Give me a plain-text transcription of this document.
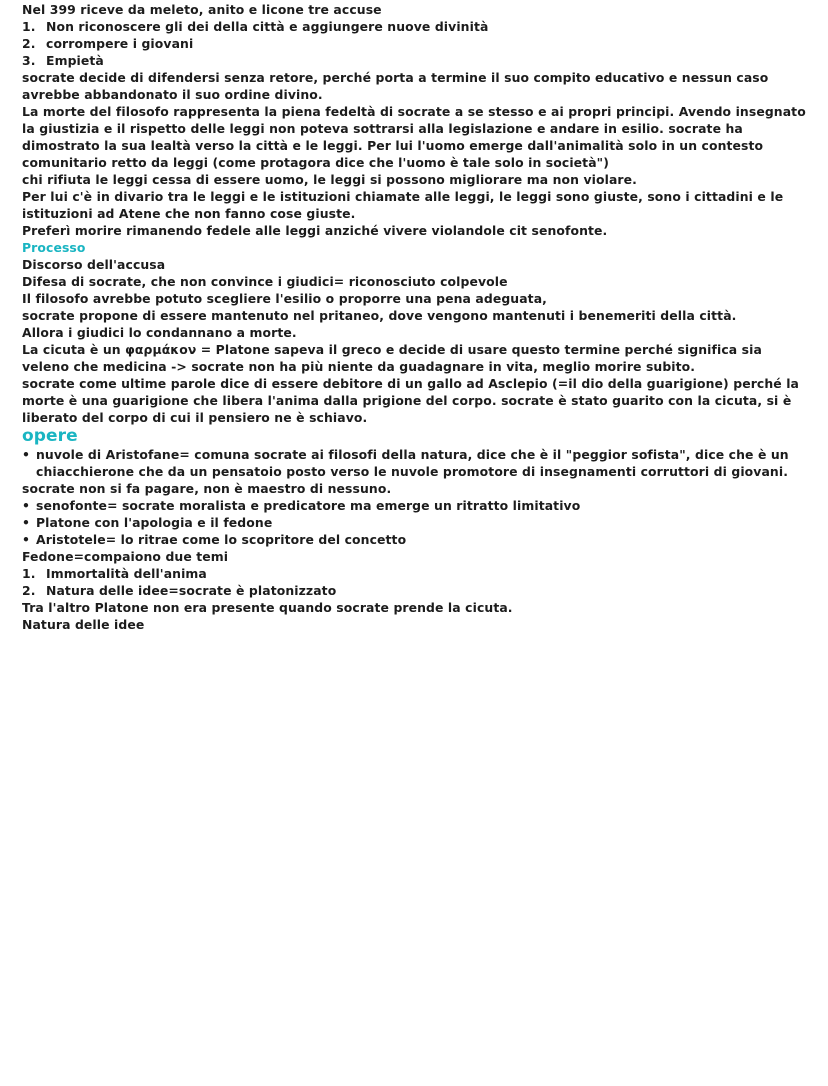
Nel 399 riceve da meleto, anito e licone tre accuse
1. Non riconoscere gli dei della città e aggiungere nuove divinità
2. corrompere i giovani
3. Empietà
socrate decide di difendersi senza retore, perché porta a termine il suo compito educativo e nessun caso avrebbe abbandonato il suo ordine divino.
La morte del filosofo rappresenta la piena fedeltà di socrate a se stesso e ai propri principi. Avendo insegnato la giustizia e il rispetto delle leggi non poteva sottrarsi alla legislazione e andare in esilio. socrate ha dimostrato la sua lealtà verso la città e le leggi. Per lui l'uomo emerge dall'animalità solo in un contesto comunitario retto da leggi (come protagora dice che l'uomo è tale solo in società")
chi rifiuta le leggi cessa di essere uomo, le leggi si possono migliorare ma non violare.
Per lui c'è in divario tra le leggi e le istituzioni chiamate alle leggi, le leggi sono giuste, sono i cittadini e le istituzioni ad Atene che non fanno cose giuste.
Preferì morire rimanendo fedele alle leggi anziché vivere violandole cit senofonte.
Processo
Discorso dell'accusa
Difesa di socrate, che non convince i giudici= riconosciuto colpevole
Il filosofo avrebbe potuto scegliere l'esilio o proporre una pena adeguata,
socrate propone di essere mantenuto nel pritaneo, dove vengono mantenuti i benemeriti della città.
Allora i giudici lo condannano a morte.
La cicuta è un φαρμάκον = Platone sapeva il greco e decide di usare questo termine perché significa sia veleno che medicina -> socrate non ha più niente da guadagnare in vita, meglio morire subito.
socrate come ultime parole dice di essere debitore di un gallo ad Asclepio (=il dio della guarigione) perché la morte è una guarigione che libera l'anima dalla prigione del corpo. socrate è stato guarito con la cicuta, si è liberato del corpo di cui il pensiero ne è schiavo.
opere
• nuvole di Aristofane= comuna socrate ai filosofi della natura, dice che è il "peggior sofista", dice che è un chiacchierone che da un pensatoio posto verso le nuvole promotore di insegnamenti corruttori di giovani.
socrate non si fa pagare, non è maestro di nessuno.
• senofonte= socrate moralista e predicatore ma emerge un ritratto limitativo
• Platone con l'apologia e il fedone
• Aristotele= lo ritrae come lo scopritore del concetto
Fedone=compaiono due temi
1. Immortalità dell'anima
2. Natura delle idee=socrate è platonizzato
Tra l'altro Platone non era presente quando socrate prende la cicuta.
Natura delle idee
